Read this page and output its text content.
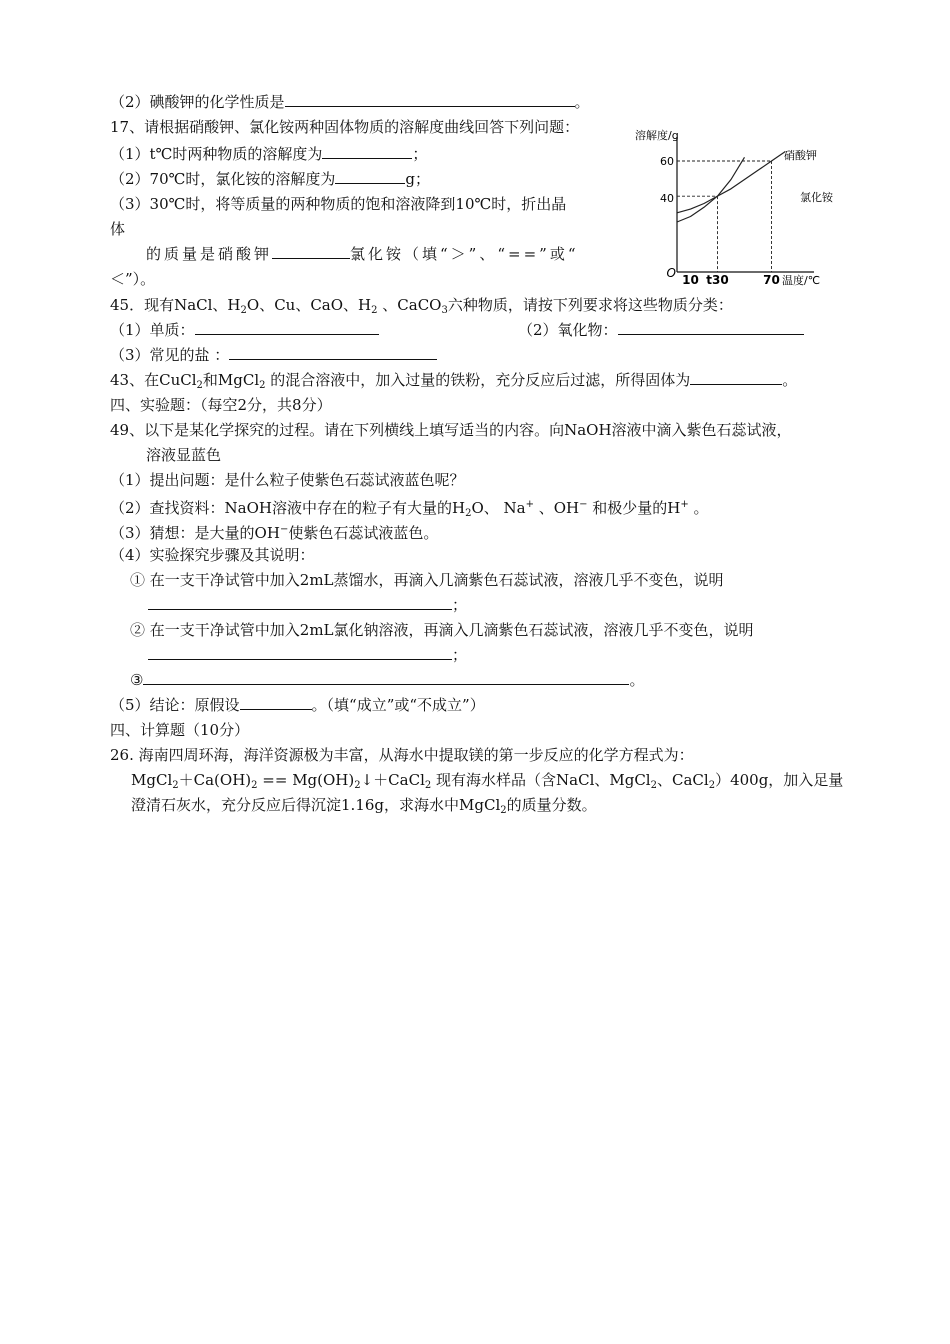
（2）碘酸钾的化学性质是	。
17、请根据硝酸钾、氯化铵两种固体物质的溶解度曲线回答下列问题：
（1）t℃时两种物质的溶解度为	；
（2）70℃时，氯化铵的溶解度为	g；
（3）30℃时，将等质量的两种物质的饱和溶液降到10℃时，折出晶
体
的质量是硝酸钾	氯化铵（填“＞”、“==”或“
＜”）。
溶解度/g
温度/℃
O 10 t30	70
60
40
硝酸钾
氯化铵
45．现有NaCl、$H_2O$、Cu、CaO、$H_2$ 、CaCO$_3$六种物质，请按下列要求将这些物质分类：
（1）单质：	（2）氧化物：
（3）常见的盐 ：
43、在CuCl$_2$和MgCl$_2$ 的混合溶液中，加入过量的铁粉，充分反应后过滤，所得固体为	。
四、实验题：（每空2分，共8分）
49、以下是某化学探究的过程。请在下列横线上填写适当的内容。向NaOH溶液中滴入紫色石蕊试液，
溶液显蓝色
（1）提出问题：是什么粒子使紫色石蕊试液蓝色呢？
（2）查找资料：NaOH溶液中存在的粒子有大量的$H_2O$、 Na+ 、OH− 和极少量的H+ 。
（3）猜想：是大量的OH−使紫色石蕊试液蓝色。
（4）实验探究步骤及其说明：
① 在一支干净试管中加入2mL蒸馏水，再滴入几滴紫色石蕊试液，溶液几乎不变色，说明
；
② 在一支干净试管中加入2mL氯化钠溶液，再滴入几滴紫色石蕊试液，溶液几乎不变色，说明
；
③	。
（5）结论：原假设	。（填“成立”或“不成立”）
四、计算题（10分）
26. 海南四周环海，海洋资源极为丰富，从海水中提取镁的第一步反应的化学方程式为：
$MgCl_2+Ca(OH)_2$ == $Mg(OH)_2↓+CaCl_2$ 现有海水样品（含NaCl、MgCl$_2$、CaCl$_2$）400g，加入足量
澄清石灰水，充分反应后得沉淀1.16g，求海水中MgCl$_2$的质量分数。
